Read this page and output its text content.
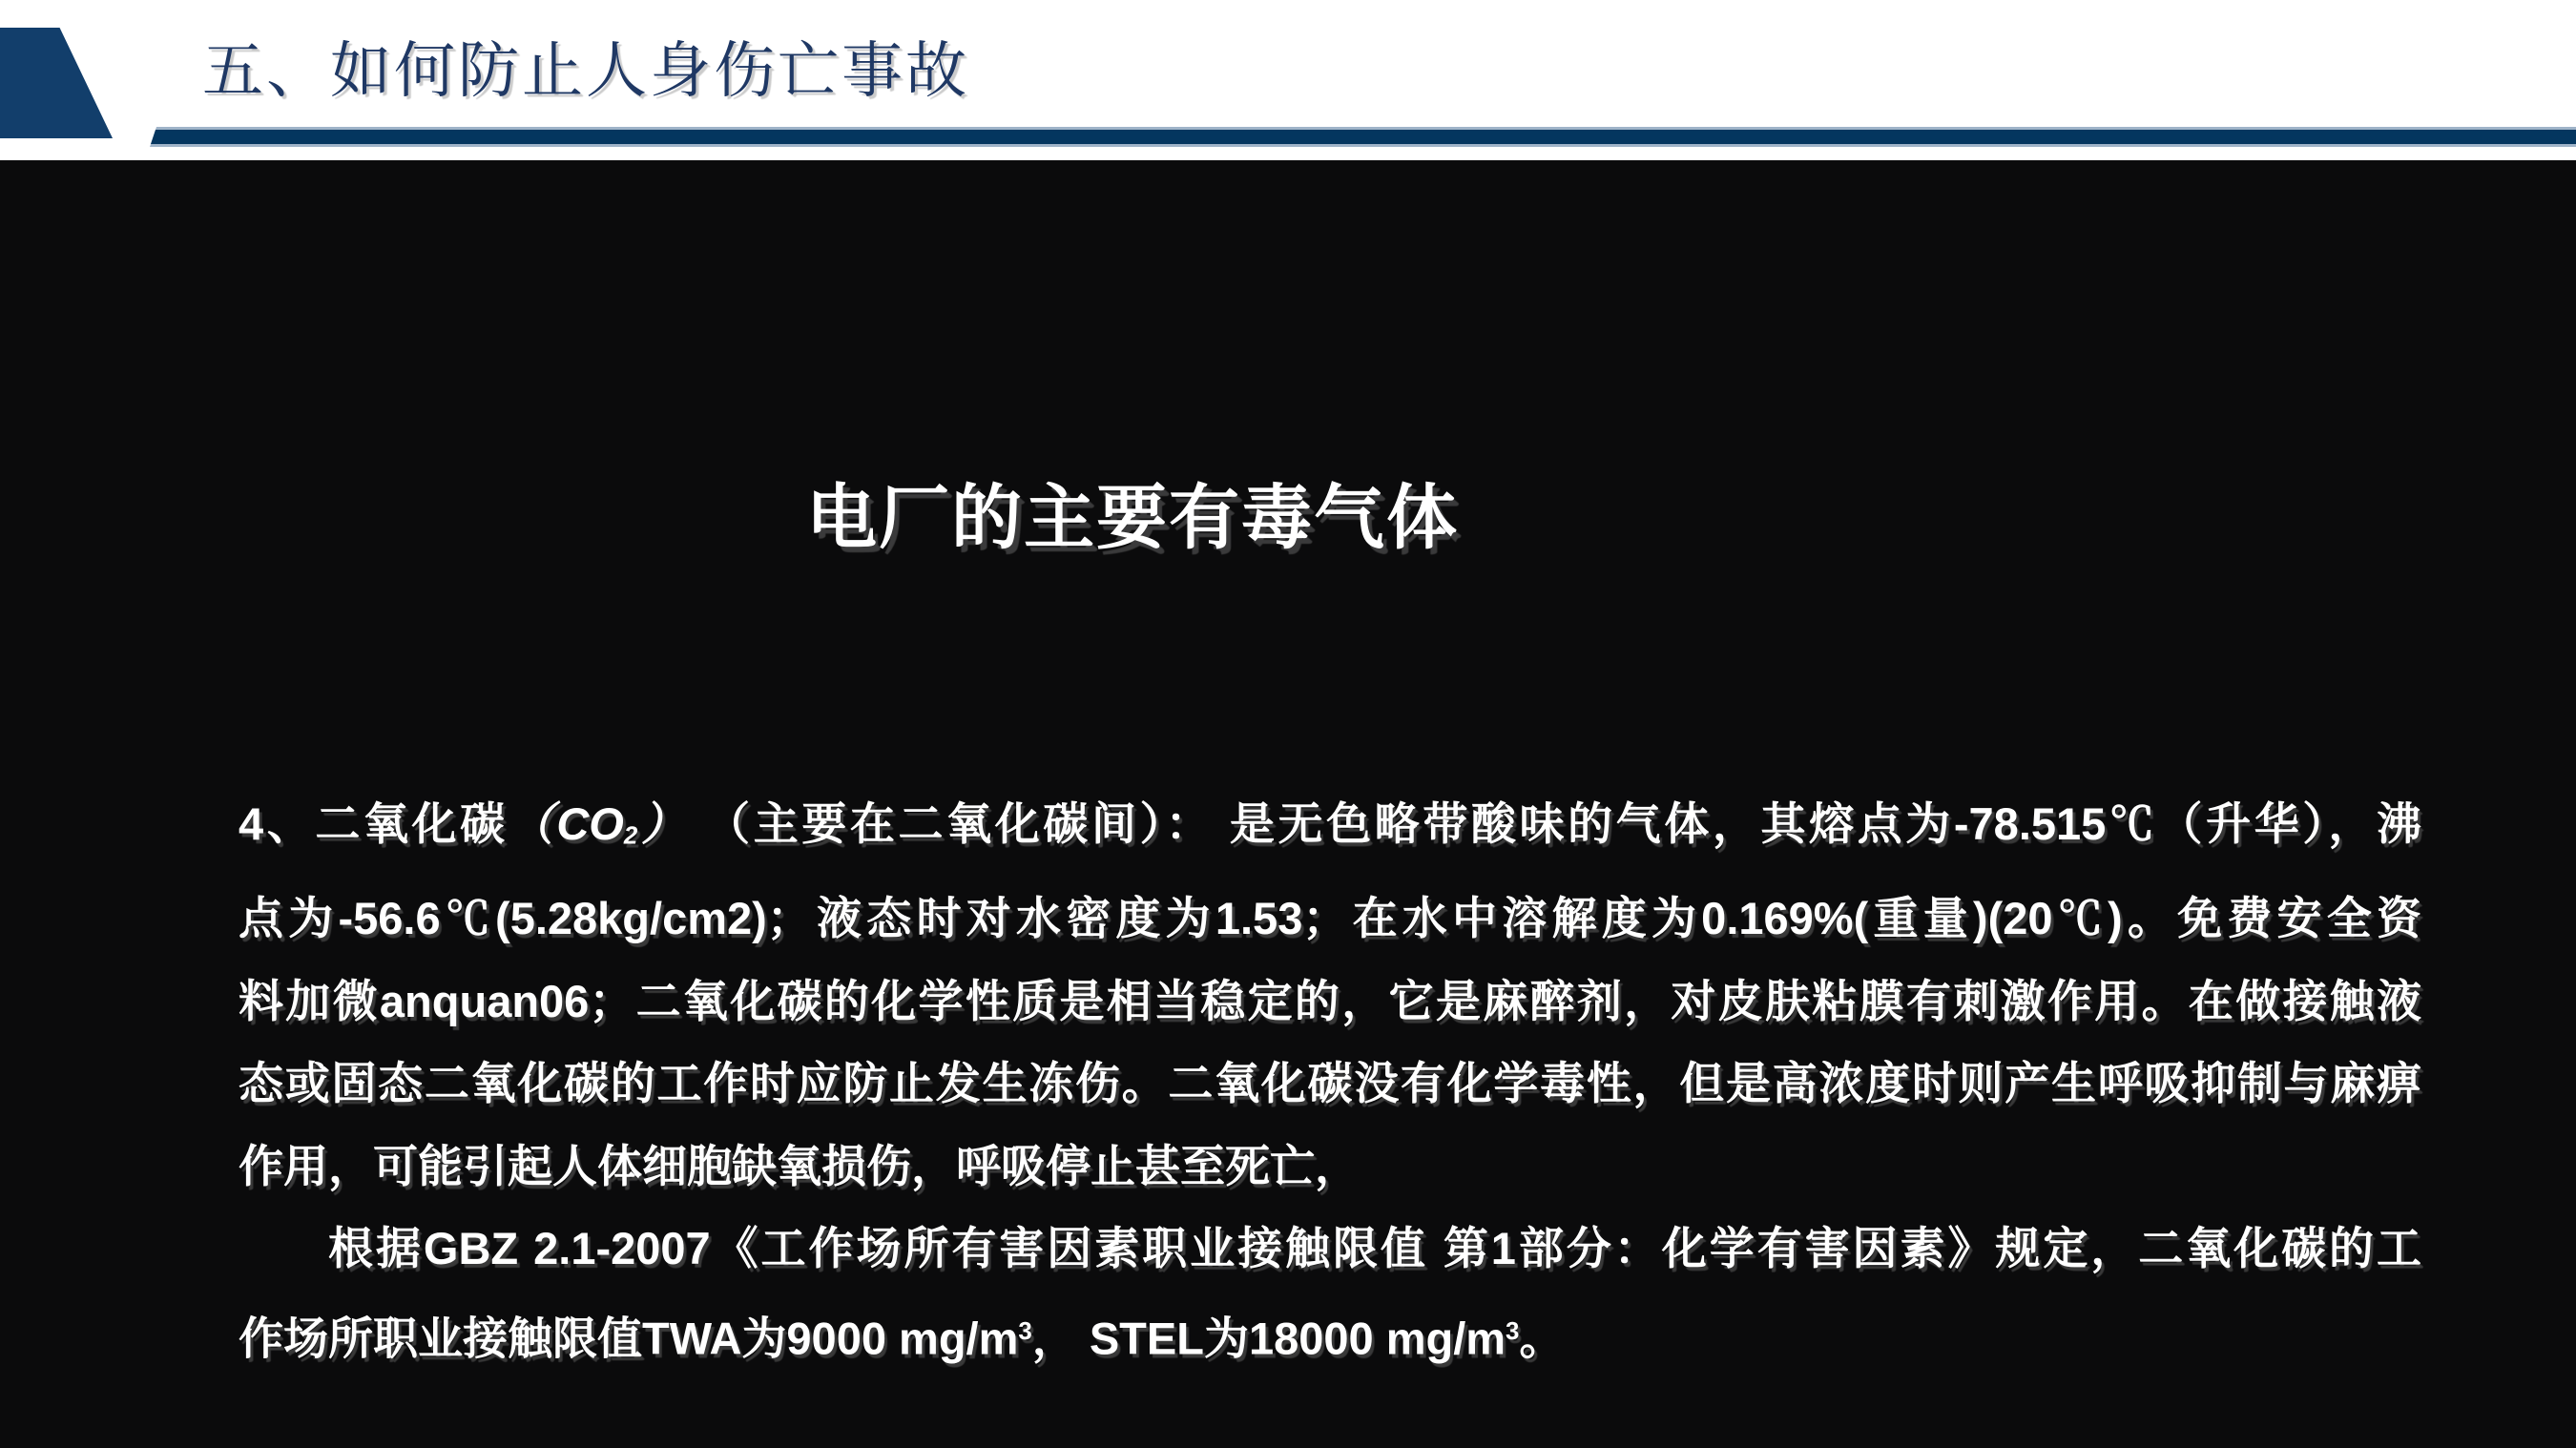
五、如何防止人身伤亡事故
电厂的主要有毒气体
4、二氧化碳（CO2） （主要在二氧化碳间）： 是无色略带酸味的气体，其熔点为-78.515℃（升华），沸
点为-56.6℃(5.28kg/cm2)；液态时对水密度为1.53；在水中溶解度为0.169%(重量)(20℃)。免费安全资
料加微anquan06；二氧化碳的化学性质是相当稳定的，它是麻醉剂，对皮肤粘膜有刺激作用。在做接触液
态或固态二氧化碳的工作时应防止发生冻伤。二氧化碳没有化学毒性，但是高浓度时则产生呼吸抑制与麻痹
作用，可能引起人体细胞缺氧损伤，呼吸停止甚至死亡，
根据GBZ 2.1-2007《工作场所有害因素职业接触限值 第1部分：化学有害因素》规定，二氧化碳的工
作场所职业接触限值TWA为9000 $mg/m^3$， STEL为18000 $mg/m^3$。
